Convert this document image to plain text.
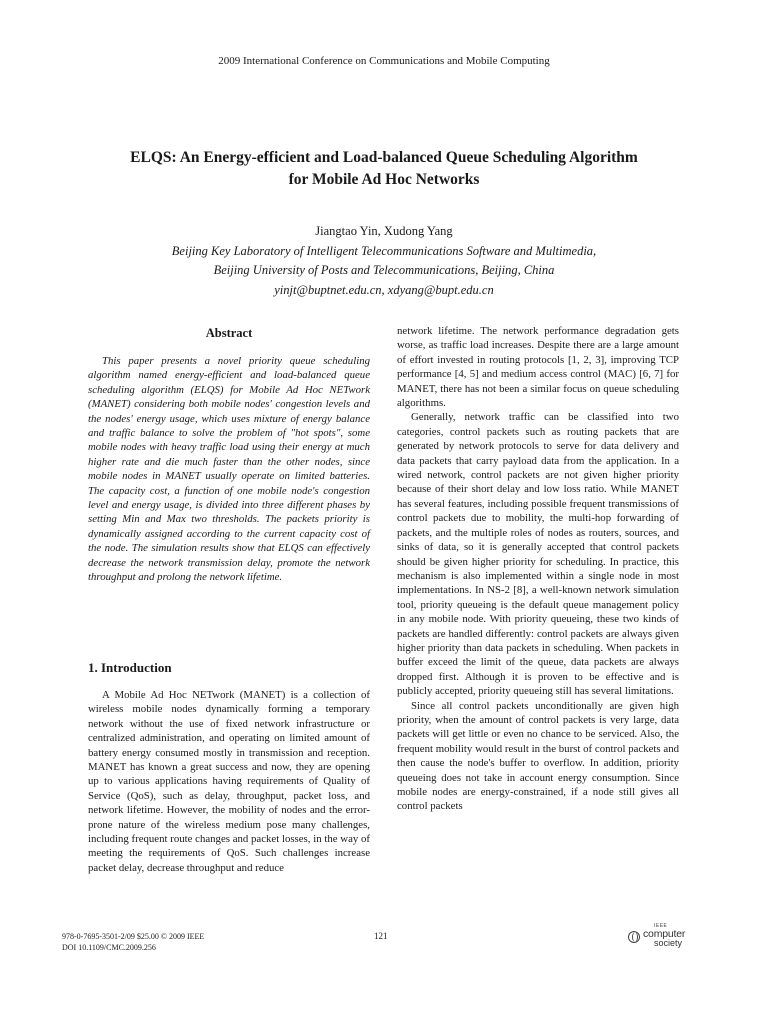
2009 International Conference on Communications and Mobile Computing
ELQS: An Energy-efficient and Load-balanced Queue Scheduling Algorithm
for Mobile Ad Hoc Networks
Jiangtao Yin, Xudong Yang
Beijing Key Laboratory of Intelligent Telecommunications Software and Multimedia,
Beijing University of Posts and Telecommunications, Beijing, China
yinjt@buptnet.edu.cn, xdyang@bupt.edu.cn
Abstract

This paper presents a novel priority queue scheduling algorithm named energy-efficient and load-balanced queue scheduling algorithm (ELQS) for Mobile Ad Hoc NETwork (MANET) considering both mobile nodes' congestion levels and the nodes' energy usage, which uses mixture of energy balance and traffic balance to solve the problem of "hot spots", some mobile nodes with heavy traffic load using their energy at much higher rate and die much faster than the other nodes, since mobile nodes in MANET usually operate on limited batteries. The capacity cost, a function of one mobile node's congestion level and energy usage, is divided into three different phases by setting Min and Max two thresholds. The packets priority is dynamically assigned according to the current capacity cost of the node. The simulation results show that ELQS can effectively decrease the network transmission delay, promote the network throughput and prolong the network lifetime.

1. Introduction

A Mobile Ad Hoc NETwork (MANET) is a collection of wireless mobile nodes dynamically forming a temporary network without the use of fixed network infrastructure or centralized administration, and operating on limited amount of battery energy consumed mostly in transmission and reception. MANET has known a great success and now, they are opening up to various applications having requirements of Quality of Service (QoS), such as delay, throughput, packet loss, and network lifetime. However, the mobility of nodes and the error-prone nature of the wireless medium pose many challenges, including frequent route changes and packet losses, in the way of meeting the requirements of QoS. Such challenges increase packet delay, decrease throughput and reduce

network lifetime. The network performance degradation gets worse, as traffic load increases. Despite there are a large amount of effort invested in routing protocols [1, 2, 3], improving TCP performance [4, 5] and medium access control (MAC) [6, 7] for MANET, there has not been a similar focus on queue scheduling algorithms.

Generally, network traffic can be classified into two categories, control packets such as routing packets that are generated by network protocols to serve for data delivery and data packets that carry payload data from the application. In a wired network, control packets are not given higher priority because of their short delay and low loss ratio. While MANET has several features, including possible frequent transmissions of control packets due to mobility, the multi-hop forwarding of packets, and the multiple roles of nodes as routers, sources, and sinks of data, so it is generally accepted that control packets should be given higher priority for scheduling. In practice, this mechanism is also implemented within a single node in most implementations. In NS-2 [8], a well-known network simulation tool, priority queueing is the default queue management policy in any mobile node. With priority queueing, these two kinds of packets are handled differently: control packets are always given higher priority than data packets in scheduling. When packets in buffer exceed the limit of the queue, data packets are always dropped first. Although it is proven to be effective and is publicly accepted, priority queueing still has several limitations.

Since all control packets unconditionally are given high priority, when the amount of control packets is very large, data packets will get little or even no chance to be serviced. Also, the frequent mobility would result in the burst of control packets and then cause the node's buffer to overflow. In addition, priority queueing does not take in account energy consumption. Since mobile nodes are energy-constrained, if a node still gives all control packets

978-0-7695-3501-2/09 $25.00 © 2009 IEEE
DOI 10.1109/CMC.2009.256
121
IEEE
computer
society
